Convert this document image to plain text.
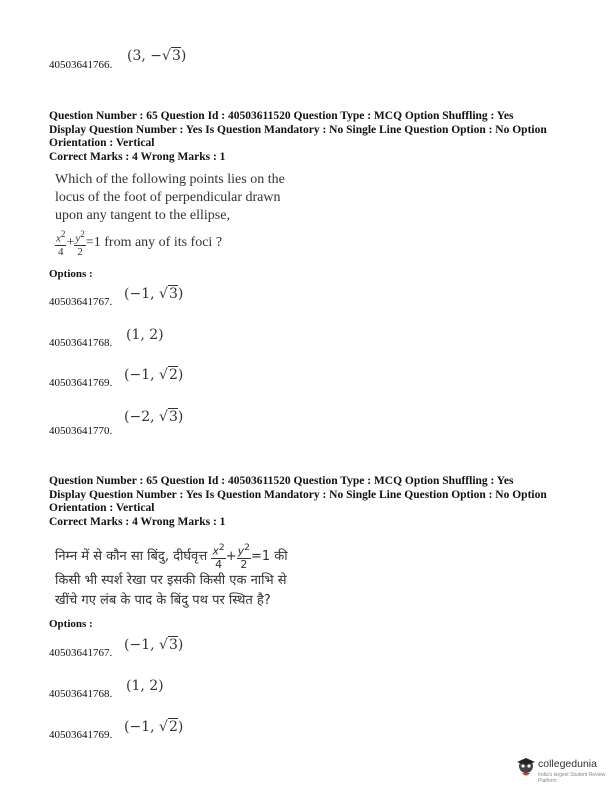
40503641766.
(3, −√3)
Question Number : 65 Question Id : 40503611520 Question Type : MCQ Option Shuffling : Yes
Display Question Number : Yes Is Question Mandatory : No Single Line Question Option : No Option
Orientation : Vertical
Correct Marks : 4 Wrong Marks : 1
Which of the following points lies on the
locus of the foot of perpendicular drawn
upon any tangent to the ellipse,
$\frac{x^2}{4} + \frac{y^2}{2} =1$ from any of its foci ?
Options :
40503641767. (−1, √3)
40503641768. (1, 2)
40503641769. (−1, √2)
40503641770.
(−2, √3)
Question Number : 65 Question Id : 40503611520 Question Type : MCQ Option Shuffling : Yes
Display Question Number : Yes Is Question Mandatory : No Single Line Question Option : No Option
Orientation : Vertical
Correct Marks : 4 Wrong Marks : 1
निम्न में से कौन सा बिंदु, दीर्घवृत्त $\frac{x^2}{4} + \frac{y^2}{2} =1$ की
किसी भी स्पर्श रेखा पर इसकी किसी एक नाभि से
खींचे गए लंब के पाद के बिंदु पथ पर स्थित है?
Options :
40503641767. (−1, √3)
40503641768. (1, 2)
40503641769. (−1, √2)
collegedunia
India's largest Student Review Platform
